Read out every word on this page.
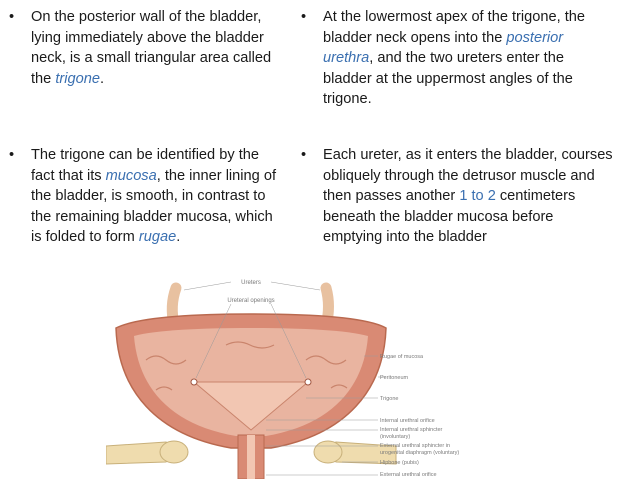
• On the posterior wall of the bladder, lying immediately above the bladder neck, is a small triangular area called the trigone.

• The trigone can be identified by the fact that its mucosa, the inner lining of the bladder, is smooth, in contrast to the remaining bladder mucosa, which is folded to form rugae.

• At the lowermost apex of the trigone, the bladder neck opens into the posterior urethra, and the two ureters enter the bladder at the uppermost angles of the trigone.

• Each ureter, as it enters the bladder, courses obliquely through the detrusor muscle and then passes another 1 to 2 centimeters beneath the bladder mucosa before emptying into the bladder

Ureters
Ureteral openings
Rugae of mucosa
Peritoneum
Trigone
Internal urethral orifice
Internal urethral sphincter
(involuntary)
External urethral sphincter in
urogenital diaphragm (voluntary)
Hipbone (pubis)
External urethral orifice
